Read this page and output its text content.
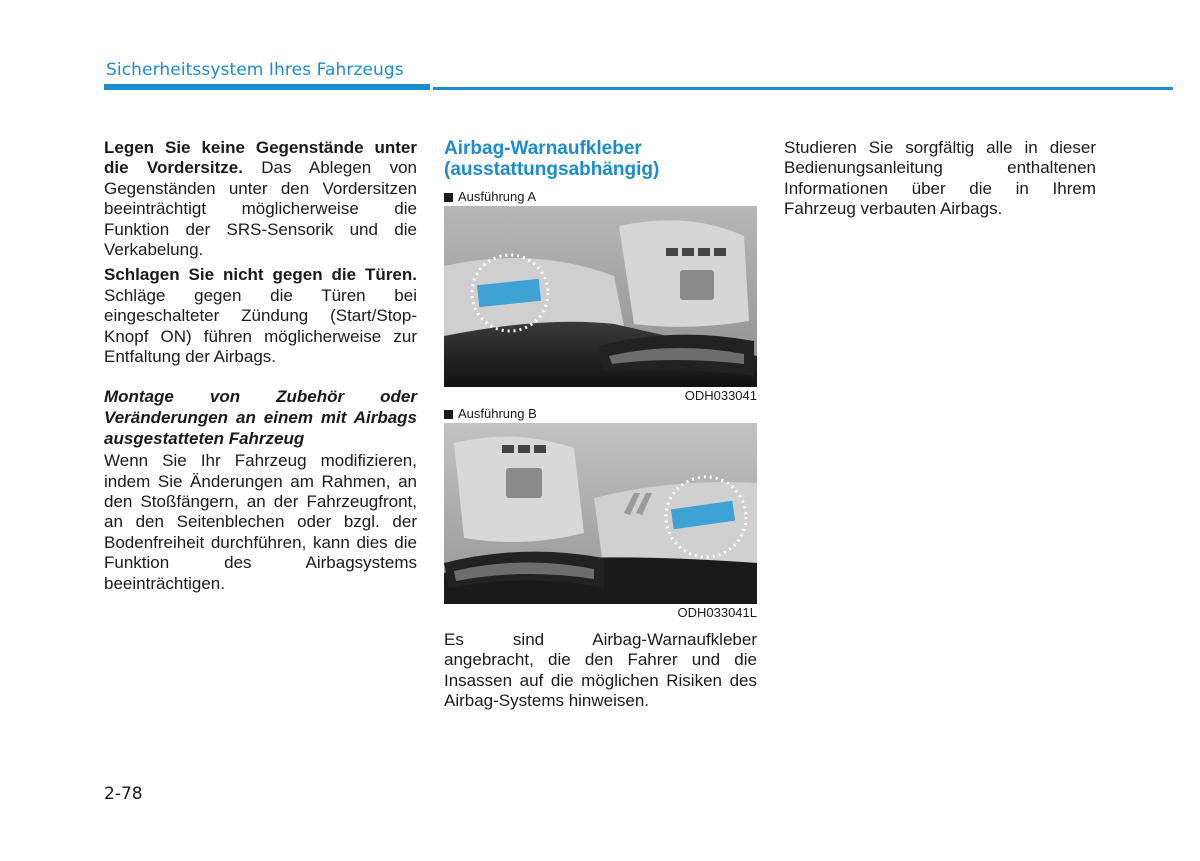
Sicherheitssystem Ihres Fahrzeugs

Legen Sie keine Gegenstände unter die Vordersitze. Das Ablegen von Gegenständen unter den Vordersitzen beeinträchtigt möglicherweise die Funktion der SRS-Sensorik und die Verkabelung.

Schlagen Sie nicht gegen die Türen. Schläge gegen die Türen bei eingeschalteter Zündung (Start/Stop-Knopf ON) führen möglicherweise zur Entfaltung der Airbags.

Montage von Zubehör oder Veränderungen an einem mit Airbags ausgestatteten Fahrzeug

Wenn Sie Ihr Fahrzeug modifizieren, indem Sie Änderungen am Rahmen, an den Stoßfängern, an der Fahrzeugfront, an den Seitenblechen oder bzgl. der Bodenfreiheit durchführen, kann dies die Funktion des Airbagsystems beeinträchtigen.

Airbag-Warnaufkleber (ausstattungsabhängig)
Ausführung A
ODH033041
Ausführung B
ODH033041L

Es sind Airbag-Warnaufkleber angebracht, die den Fahrer und die Insassen auf die möglichen Risiken des Airbag-Systems hinweisen.

Studieren Sie sorgfältig alle in dieser Bedienungsanleitung enthaltenen Informationen über die in Ihrem Fahrzeug verbauten Airbags.

2-78
